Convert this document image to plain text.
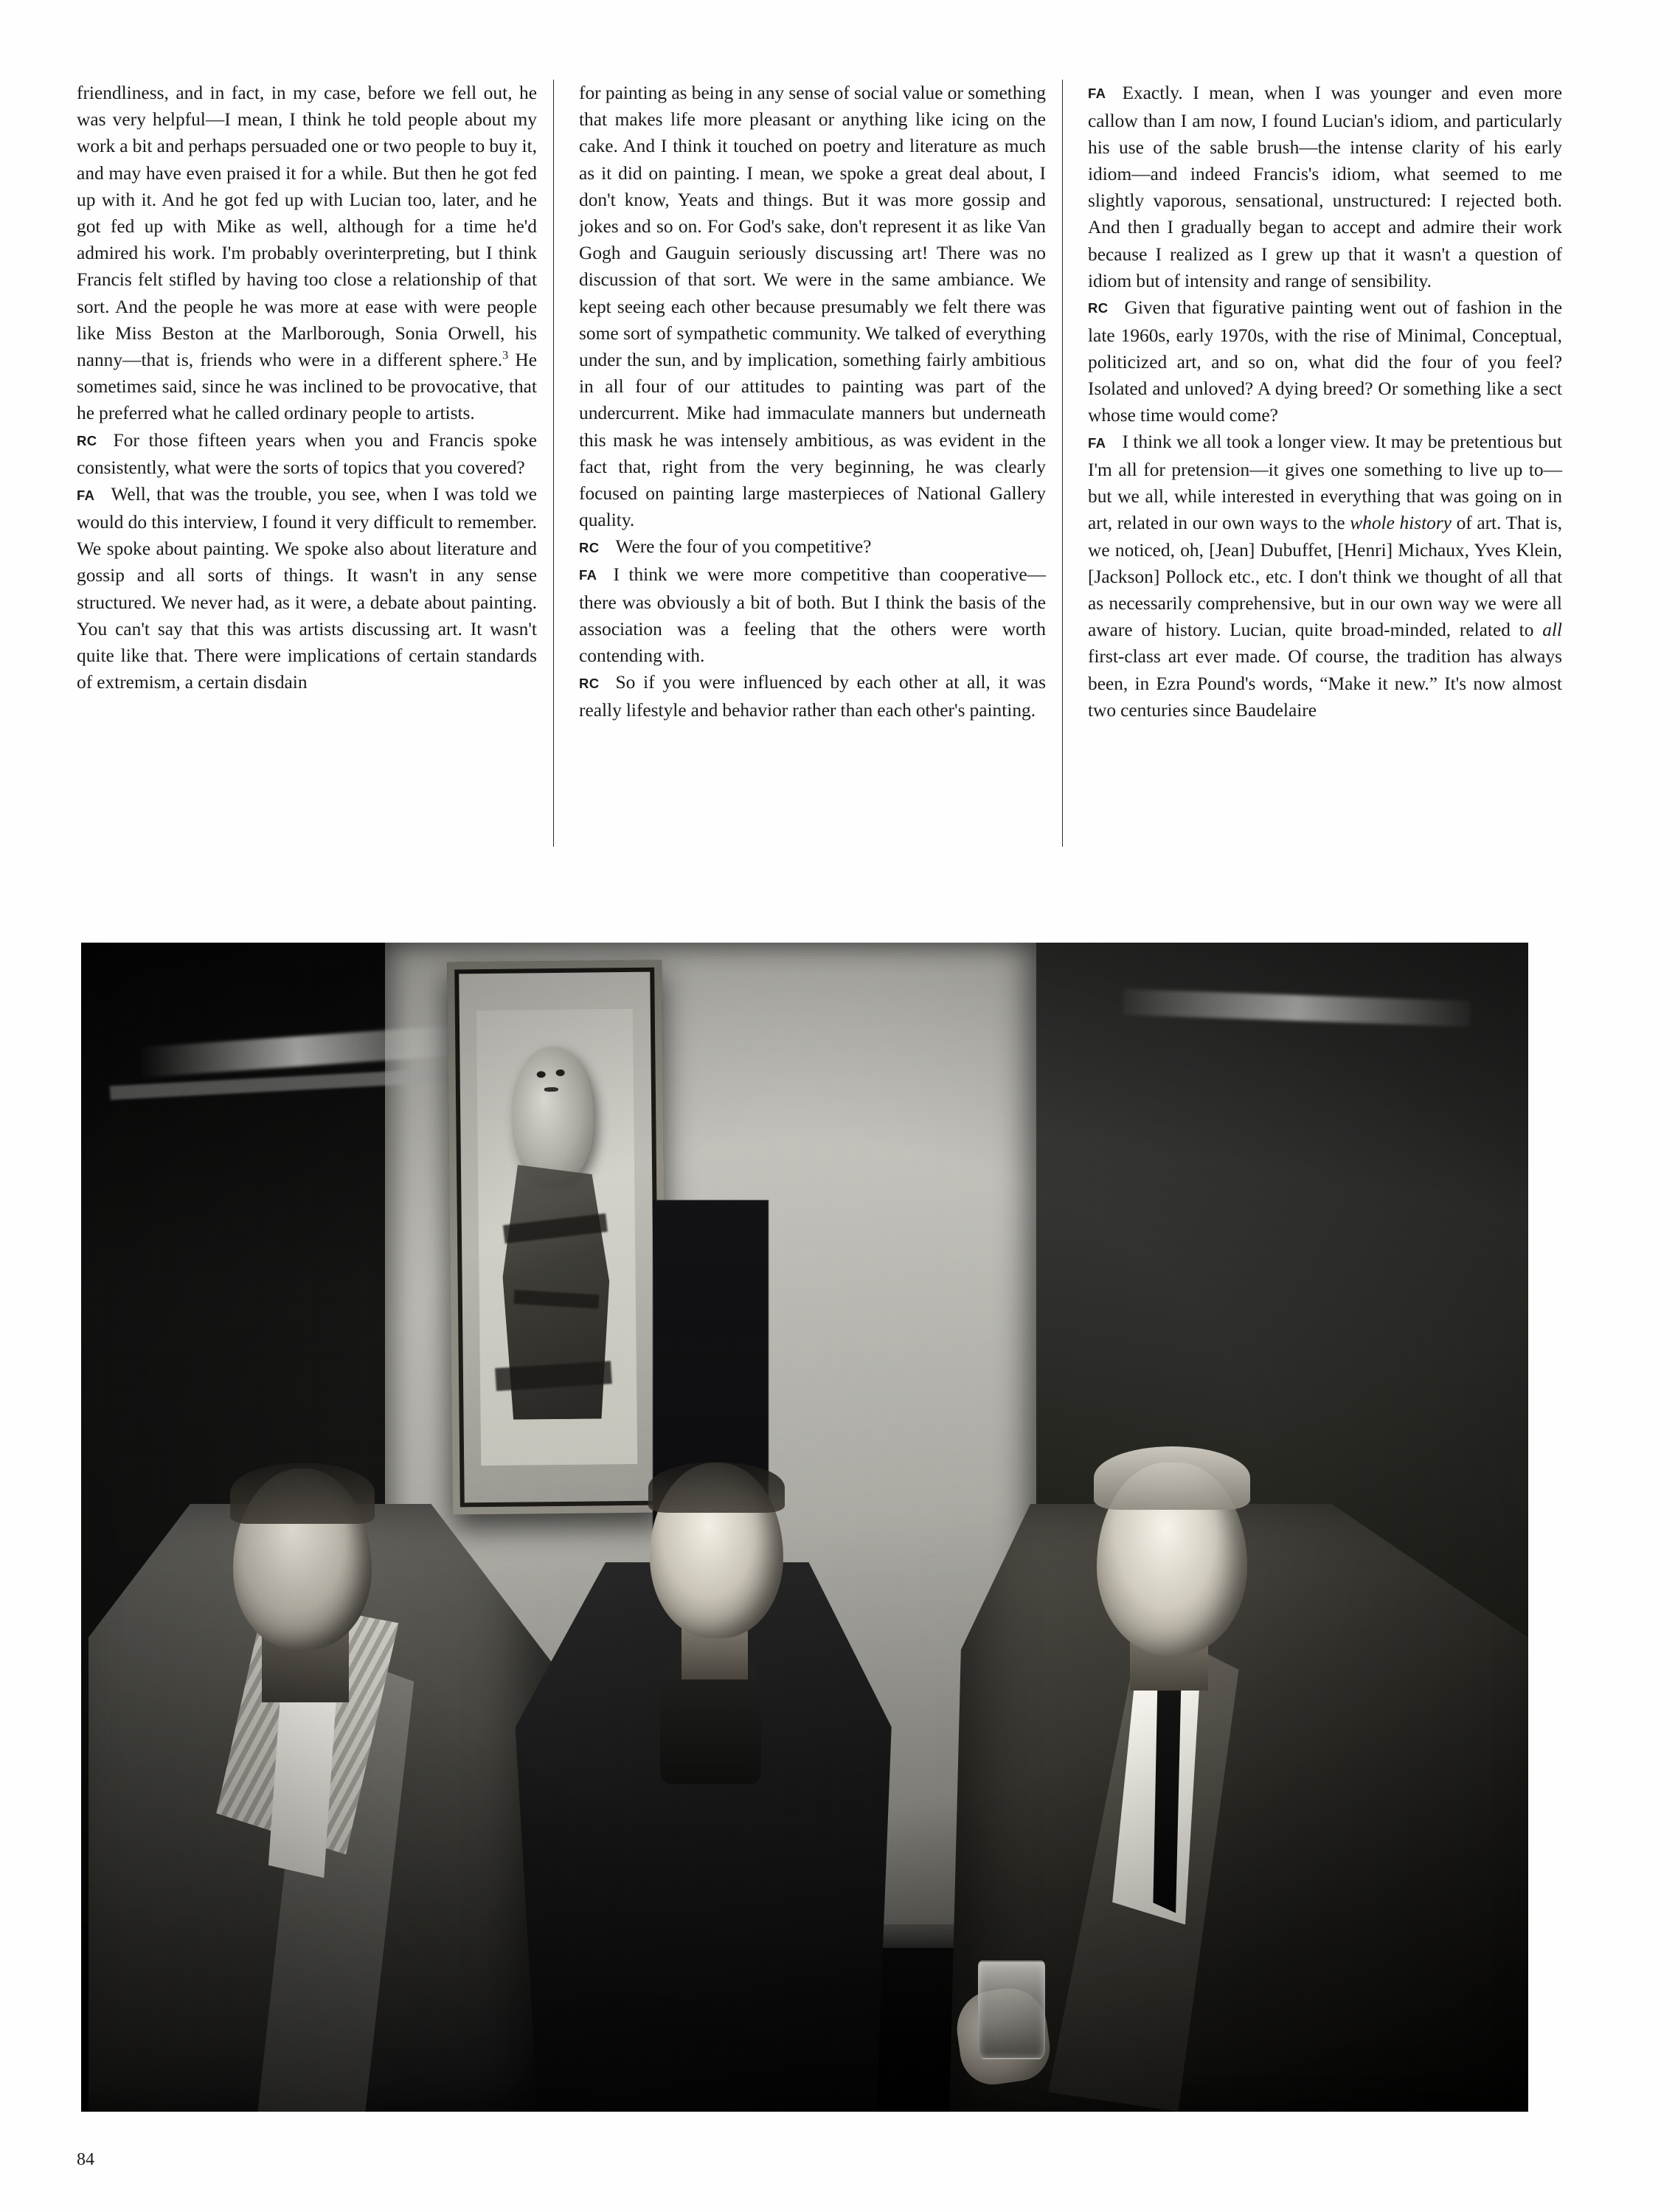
friendliness, and in fact, in my case, before we fell out, he was very helpful—I mean, I think he told people about my work a bit and perhaps persuaded one or two people to buy it, and may have even praised it for a while. But then he got fed up with it. And he got fed up with Lucian too, later, and he got fed up with Mike as well, although for a time he'd admired his work. I'm probably overinterpreting, but I think Francis felt stifled by having too close a relationship of that sort. And the people he was more at ease with were people like Miss Beston at the Marlborough, Sonia Orwell, his nanny—that is, friends who were in a different sphere.$^3$ He sometimes said, since he was inclined to be provocative, that he preferred what he called ordinary people to artists.

RC For those fifteen years when you and Francis spoke consistently, what were the sorts of topics that you covered?

FA Well, that was the trouble, you see, when I was told we would do this interview, I found it very difficult to remember. We spoke about painting. We spoke also about literature and gossip and all sorts of things. It wasn't in any sense structured. We never had, as it were, a debate about painting. You can't say that this was artists discussing art. It wasn't quite like that. There were implications of certain standards of extremism, a certain disdain

for painting as being in any sense of social value or something that makes life more pleasant or anything like icing on the cake. And I think it touched on poetry and literature as much as it did on painting. I mean, we spoke a great deal about, I don't know, Yeats and things. But it was more gossip and jokes and so on. For God's sake, don't represent it as like Van Gogh and Gauguin seriously discussing art! There was no discussion of that sort. We were in the same ambiance. We kept seeing each other because presumably we felt there was some sort of sympathetic community. We talked of everything under the sun, and by implication, something fairly ambitious in all four of our attitudes to painting was part of the undercurrent. Mike had immaculate manners but underneath this mask he was intensely ambitious, as was evident in the fact that, right from the very beginning, he was clearly focused on painting large masterpieces of National Gallery quality.

RC Were the four of you competitive?

FA I think we were more competitive than cooperative—there was obviously a bit of both. But I think the basis of the association was a feeling that the others were worth contending with.

RC So if you were influenced by each other at all, it was really lifestyle and behavior rather than each other's painting.

FA Exactly. I mean, when I was younger and even more callow than I am now, I found Lucian's idiom, and particularly his use of the sable brush—the intense clarity of his early idiom—and indeed Francis's idiom, what seemed to me slightly vaporous, sensational, unstructured: I rejected both. And then I gradually began to accept and admire their work because I realized as I grew up that it wasn't a question of idiom but of intensity and range of sensibility.

RC Given that figurative painting went out of fashion in the late 1960s, early 1970s, with the rise of Minimal, Conceptual, politicized art, and so on, what did the four of you feel? Isolated and unloved? A dying breed? Or something like a sect whose time would come?

FA I think we all took a longer view. It may be pretentious but I'm all for pretension—it gives one something to live up to—but we all, while interested in everything that was going on in art, related in our own ways to the whole history of art. That is, we noticed, oh, [Jean] Dubuffet, [Henri] Michaux, Yves Klein, [Jackson] Pollock etc., etc. I don't think we thought of all that as necessarily comprehensive, but in our own way we were all aware of history. Lucian, quite broad-minded, related to all first-class art ever made. Of course, the tradition has always been, in Ezra Pound's words, “Make it new.” It's now almost two centuries since Baudelaire

84
